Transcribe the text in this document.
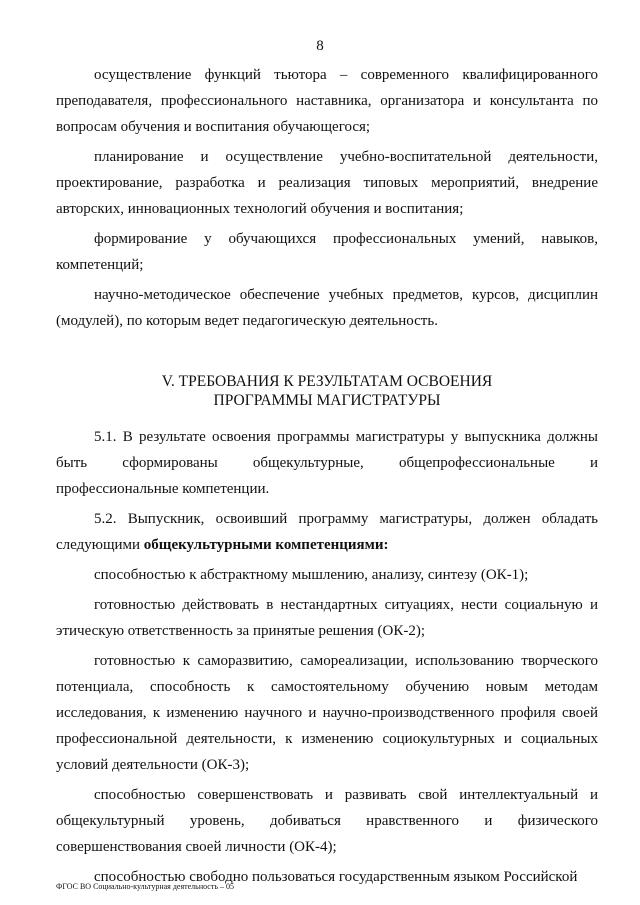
8

осуществление функций тьютора – современного квалифицированного преподавателя, профессионального наставника, организатора и консультанта по вопросам обучения и воспитания обучающегося;

планирование и осуществление учебно-воспитательной деятельности, проектирование, разработка и реализация типовых мероприятий, внедрение авторских, инновационных технологий обучения и воспитания;

формирование у обучающихся профессиональных умений, навыков, компетенций;

научно-методическое обеспечение учебных предметов, курсов, дисциплин (модулей), по которым ведет педагогическую деятельность.

V. ТРЕБОВАНИЯ К РЕЗУЛЬТАТАМ ОСВОЕНИЯ
ПРОГРАММЫ МАГИСТРАТУРЫ

5.1. В результате освоения программы магистратуры у выпускника должны быть сформированы общекультурные, общепрофессиональные и профессиональные компетенции.

5.2. Выпускник, освоивший программу магистратуры, должен обладать следующими общекультурными компетенциями:

способностью к абстрактному мышлению, анализу, синтезу (ОК-1);

готовностью действовать в нестандартных ситуациях, нести социальную и этическую ответственность за принятые решения (ОК-2);

готовностью к саморазвитию, самореализации, использованию творческого потенциала, способность к самостоятельному обучению новым методам исследования, к изменению научного и научно-производственного профиля своей профессиональной деятельности, к изменению социокультурных и социальных условий деятельности (ОК-3);

способностью совершенствовать и развивать свой интеллектуальный и общекультурный уровень, добиваться нравственного и физического совершенствования своей личности (ОК-4);

способностью свободно пользоваться государственным языком Российской

ФГОС ВО Социально-культурная деятельность – 05
